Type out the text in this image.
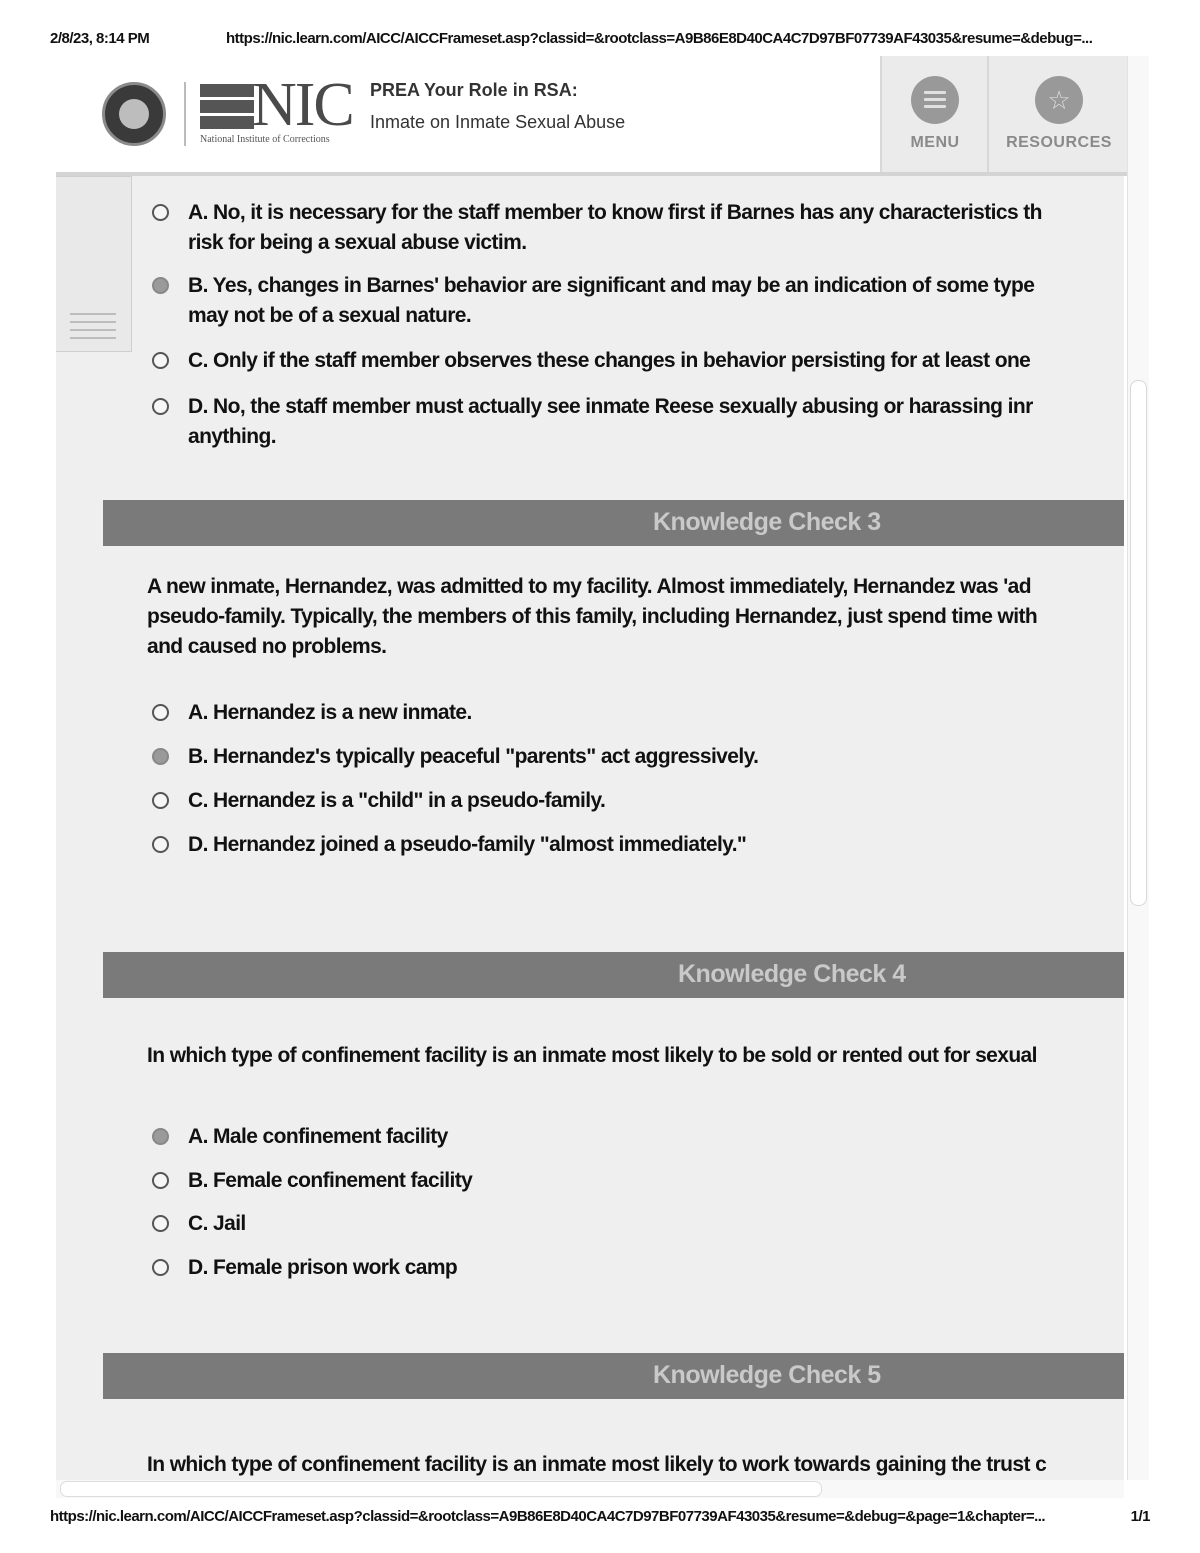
2/8/23, 8:14 PM	https://nic.learn.com/AICC/AICCFrameset.asp?classid=&rootclass=A9B86E8D40CA4C7D97BF07739AF43035&resume=&debug=...
NIC
National Institute of Corrections
PREA Your Role in RSA:
Inmate on Inmate Sexual Abuse
MENU
☆
RESOURCES
A. No, it is necessary for the staff member to know first if Barnes has any characteristics th
risk for being a sexual abuse victim.
B. Yes, changes in Barnes' behavior are significant and may be an indication of some type
may not be of a sexual nature.
C. Only if the staff member observes these changes in behavior persisting for at least one
D. No, the staff member must actually see inmate Reese sexually abusing or harassing inr
anything.
Knowledge Check 3
A new inmate, Hernandez, was admitted to my facility. Almost immediately, Hernandez was 'ad
pseudo-family. Typically, the members of this family, including Hernandez, just spend time with
and caused no problems.
A. Hernandez is a new inmate.
B. Hernandez's typically peaceful "parents" act aggressively.
C. Hernandez is a "child" in a pseudo-family.
D. Hernandez joined a pseudo-family "almost immediately."
Knowledge Check 4
In which type of confinement facility is an inmate most likely to be sold or rented out for sexual
A. Male confinement facility
B. Female confinement facility
C. Jail
D. Female prison work camp
Knowledge Check 5
In which type of confinement facility is an inmate most likely to work towards gaining the trust c
https://nic.learn.com/AICC/AICCFrameset.asp?classid=&rootclass=A9B86E8D40CA4C7D97BF07739AF43035&resume=&debug=&page=1&chapter=...	1/1
